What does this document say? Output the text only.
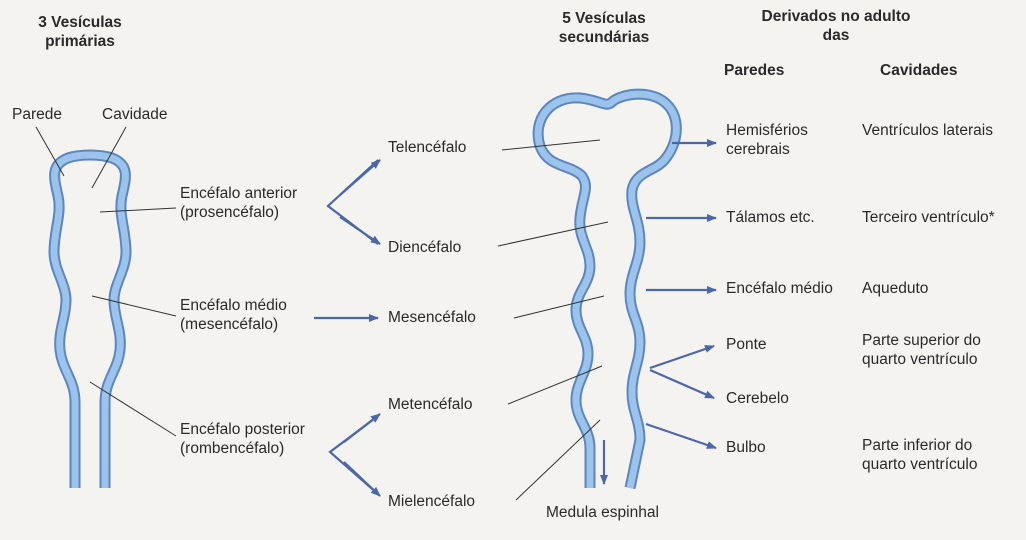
3 Vesículas
primárias
5 Vesículas
secundárias
Derivados no adulto
das
Paredes	Cavidades
Parede	Cavidade
Encéfalo anterior
(prosencéfalo)
Encéfalo médio
(mesencéfalo)
Encéfalo posterior
(rombencéfalo)
Telencéfalo
Diencéfalo
Mesencéfalo
Metencéfalo
Mielencéfalo
Medula espinhal
Hemisférios
cerebrais
Tálamos etc.
Encéfalo médio
Ponte
Cerebelo
Bulbo
Ventrículos laterais
Terceiro ventrículo*
Aqueduto
Parte superior do
quarto ventrículo
Parte inferior do
quarto ventrículo
